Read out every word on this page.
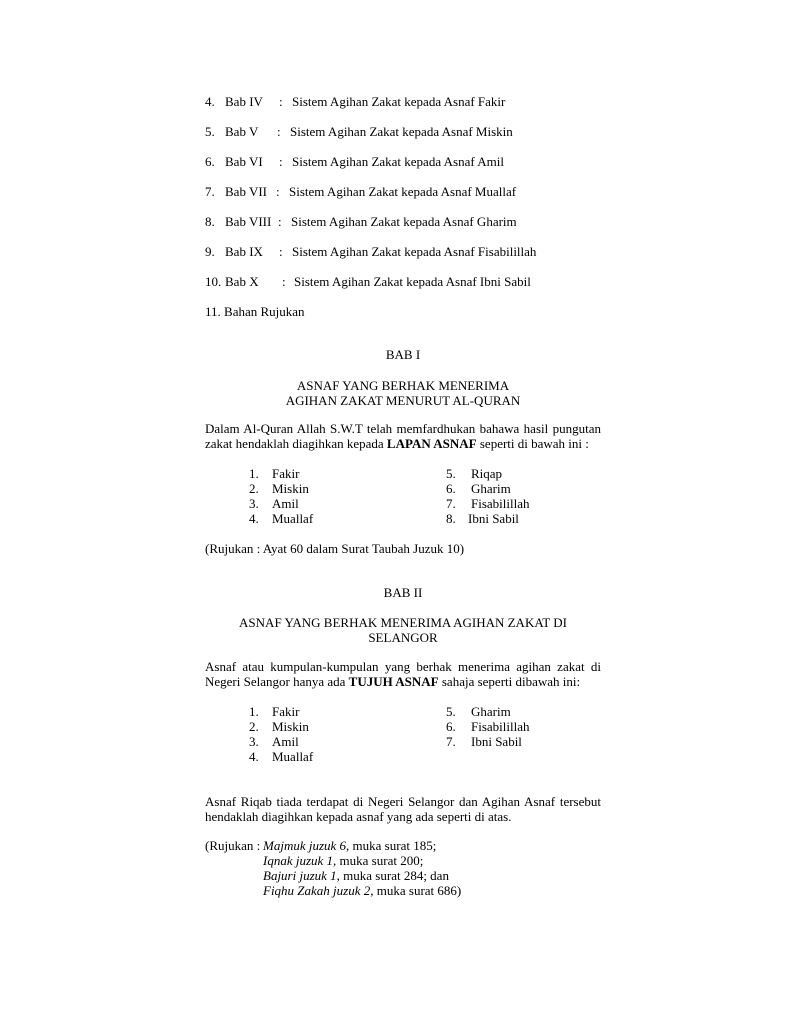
4. Bab IV : Sistem Agihan Zakat kepada Asnaf Fakir
5. Bab V : Sistem Agihan Zakat kepada Asnaf Miskin
6. Bab VI : Sistem Agihan Zakat kepada Asnaf Amil
7. Bab VII : Sistem Agihan Zakat kepada Asnaf Muallaf
8. Bab VIII : Sistem Agihan Zakat kepada Asnaf Gharim
9. Bab IX : Sistem Agihan Zakat kepada Asnaf Fisabilillah
10. Bab X : Sistem Agihan Zakat kepada Asnaf Ibni Sabil
11. Bahan Rujukan
BAB I
ASNAF YANG BERHAK MENERIMA
AGIHAN ZAKAT MENURUT AL-QURAN
Dalam Al-Quran Allah S.W.T telah memfardhukan bahawa hasil pungutan
zakat hendaklah diagihkan kepada LAPAN ASNAF seperti di bawah ini :
1. Fakir
2. Miskin
3. Amil
4. Muallaf
5. Riqap
6. Gharim
7. Fisabilillah
8. Ibni Sabil
(Rujukan : Ayat 60 dalam Surat Taubah Juzuk 10)
BAB II
ASNAF YANG BERHAK MENERIMA AGIHAN ZAKAT DI
SELANGOR
Asnaf atau kumpulan-kumpulan yang berhak menerima agihan zakat di
Negeri Selangor hanya ada TUJUH ASNAF sahaja seperti dibawah ini:
1. Fakir
2. Miskin
3. Amil
4. Muallaf
5. Gharim
6. Fisabilillah
7. Ibni Sabil
Asnaf Riqab tiada terdapat di Negeri Selangor dan Agihan Asnaf tersebut
hendaklah diagihkan kepada asnaf yang ada seperti di atas.
(Rujukan : Majmuk juzuk 6, muka surat 185;
Iqnak juzuk 1, muka surat 200;
Bajuri juzuk 1, muka surat 284; dan
Fiqhu Zakah juzuk 2, muka surat 686)
